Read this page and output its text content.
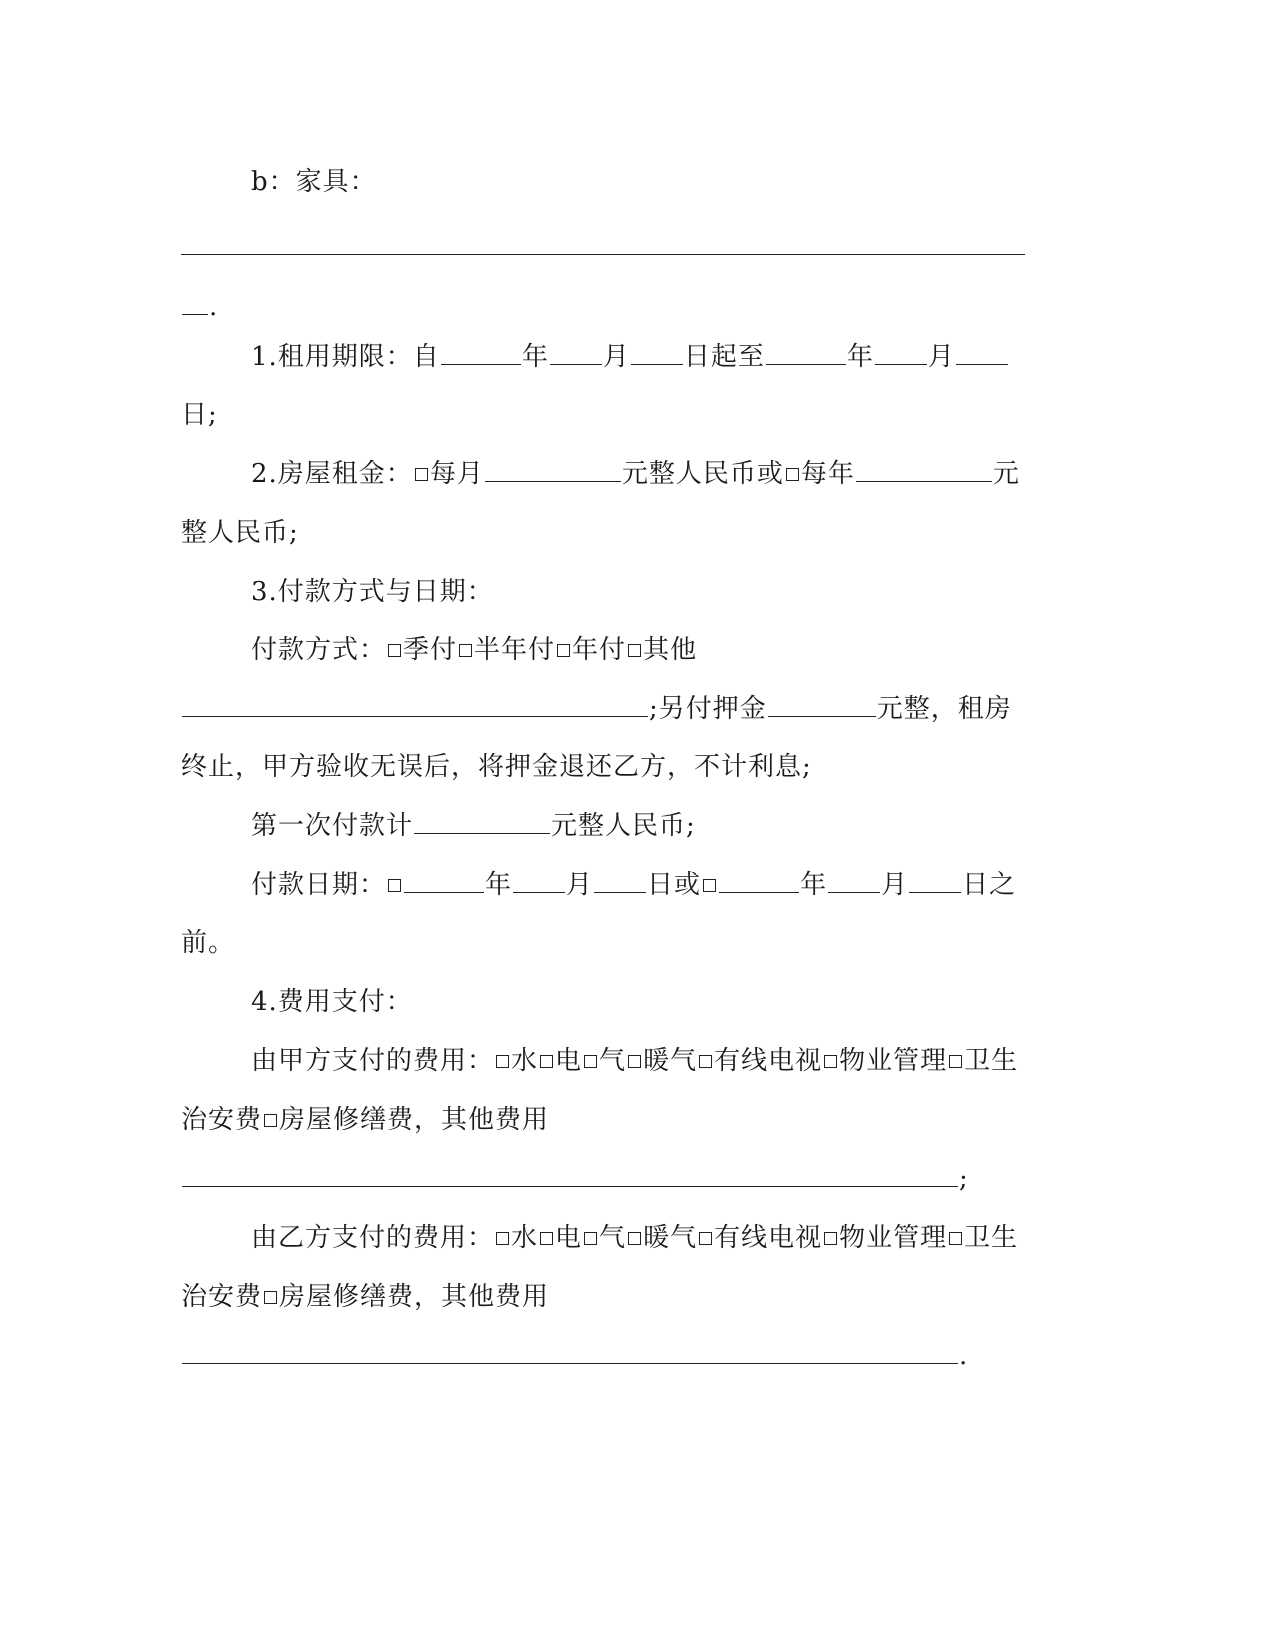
b：家具：

.

1.租用期限：自	年 月 日起至	年 月

日;

2.房屋租金： 每月	元整人民币或 每年	元

整人民币;

3.付款方式与日期：

付款方式： 季付 半年付 年付 其他

;另付押金	元整，租房

终止，甲方验收无误后，将押金退还乙方，不计利息;

第一次付款计	元整人民币;

付款日期：	年 月 日或	年 月 日之

前。

4.费用支付：

由甲方支付的费用： 水 电 气 暖气 有线电视 物业管理 卫生

治安费 房屋修缮费，其他费用

;

由乙方支付的费用： 水 电 气 暖气 有线电视 物业管理 卫生

治安费 房屋修缮费，其他费用

.
